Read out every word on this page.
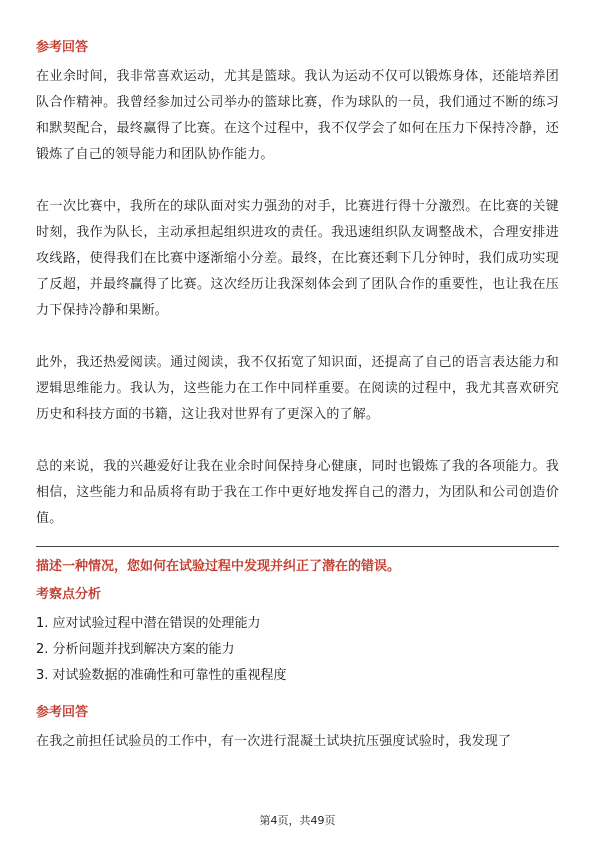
参考回答

在业余时间，我非常喜欢运动，尤其是篮球。我认为运动不仅可以锻炼身体，还能培养团队合作精神。我曾经参加过公司举办的篮球比赛，作为球队的一员，我们通过不断的练习和默契配合，最终赢得了比赛。在这个过程中，我不仅学会了如何在压力下保持冷静，还锻炼了自己的领导能力和团队协作能力。

在一次比赛中，我所在的球队面对实力强劲的对手，比赛进行得十分激烈。在比赛的关键时刻，我作为队长，主动承担起组织进攻的责任。我迅速组织队友调整战术，合理安排进攻线路，使得我们在比赛中逐渐缩小分差。最终，在比赛还剩下几分钟时，我们成功实现了反超，并最终赢得了比赛。这次经历让我深刻体会到了团队合作的重要性，也让我在压力下保持冷静和果断。

此外，我还热爱阅读。通过阅读，我不仅拓宽了知识面，还提高了自己的语言表达能力和逻辑思维能力。我认为，这些能力在工作中同样重要。在阅读的过程中，我尤其喜欢研究历史和科技方面的书籍，这让我对世界有了更深入的了解。

总的来说，我的兴趣爱好让我在业余时间保持身心健康，同时也锻炼了我的各项能力。我相信，这些能力和品质将有助于我在工作中更好地发挥自己的潜力，为团队和公司创造价值。

描述一种情况，您如何在试验过程中发现并纠正了潜在的错误。
考察点分析
1. 应对试验过程中潜在错误的处理能力
2. 分析问题并找到解决方案的能力
3. 对试验数据的准确性和可靠性的重视程度
参考回答

在我之前担任试验员的工作中，有一次进行混凝土试块抗压强度试验时，我发现了

第4页，共49页
